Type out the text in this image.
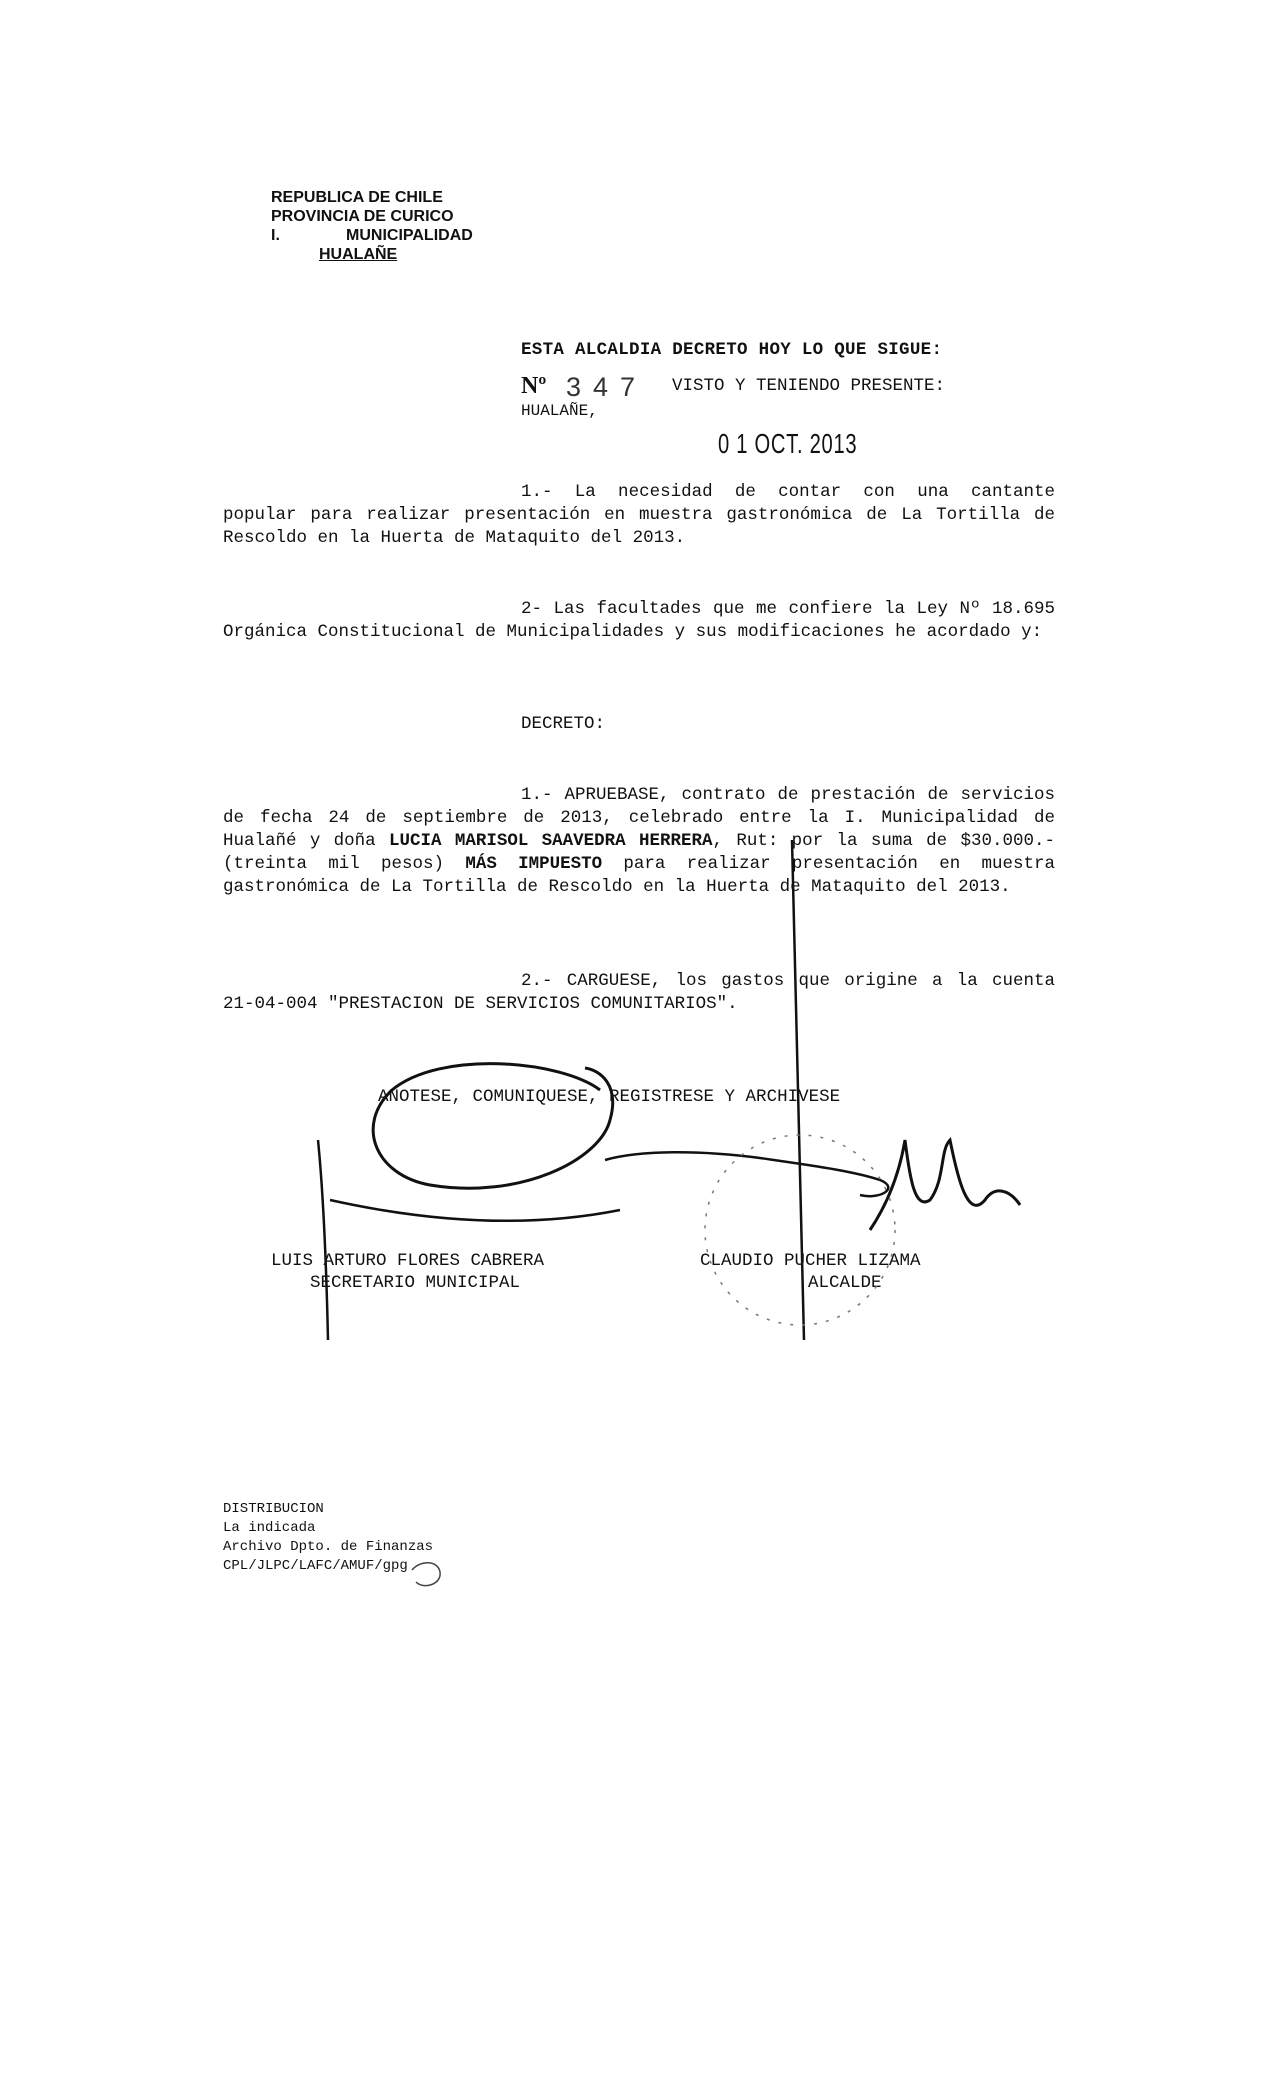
REPUBLICA DE CHILE
PROVINCIA DE CURICO
I.	MUNICIPALIDAD
HUALAÑE
ESTA ALCALDIA DECRETO HOY LO QUE SIGUE:
Nº 347 VISTO Y TENIENDO PRESENTE:
HUALAÑE,
0 1 OCT. 2013
1.- La necesidad de contar con una cantante popular para realizar presentación en muestra gastronómica de La Tortilla de Rescoldo en la Huerta de Mataquito del 2013.
2- Las facultades que me confiere la Ley Nº 18.695 Orgánica Constitucional de Municipalidades y sus modificaciones he acordado y:
DECRETO:
1.- APRUEBASE, contrato de prestación de servicios de fecha 24 de septiembre de 2013, celebrado entre la I. Municipalidad de Hualañé y doña LUCIA MARISOL SAAVEDRA HERRERA, Rut: por la suma de $30.000.- (treinta mil pesos) MÁS IMPUESTO para realizar presentación en muestra gastronómica de La Tortilla de Rescoldo en la Huerta de Mataquito del 2013.
2.- CARGUESE, los gastos que origine a la cuenta 21-04-004 "PRESTACION DE SERVICIOS COMUNITARIOS".
ANOTESE, COMUNIQUESE, REGISTRESE Y ARCHIVESE
LUIS ARTURO FLORES CABRERA
SECRETARIO MUNICIPAL
CLAUDIO PUCHER LIZAMA
ALCALDE
DISTRIBUCION
La indicada
Archivo Dpto. de Finanzas
CPL/JLPC/LAFC/AMUF/gpg
